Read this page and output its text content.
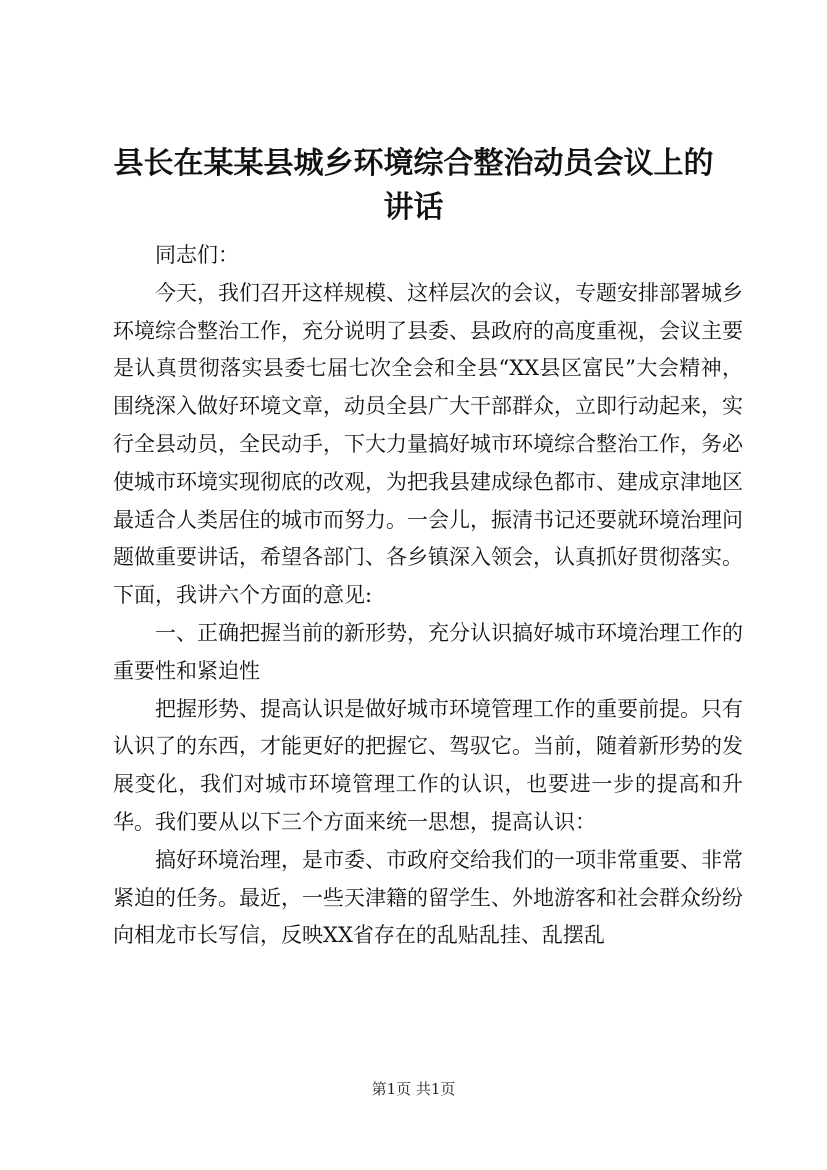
县长在某某县城乡环境综合整治动员会议上的
讲话

同志们：

今天，我们召开这样规模、这样层次的会议，专题安排部署城乡环境综合整治工作，充分说明了县委、县政府的高度重视，会议主要是认真贯彻落实县委七届七次全会和全县“XX县区富民”大会精神，围绕深入做好环境文章，动员全县广大干部群众，立即行动起来，实行全县动员，全民动手，下大力量搞好城市环境综合整治工作，务必使城市环境实现彻底的改观，为把我县建成绿色都市、建成京津地区最适合人类居住的城市而努力。一会儿，振清书记还要就环境治理问题做重要讲话，希望各部门、各乡镇深入领会，认真抓好贯彻落实。下面，我讲六个方面的意见:

一、正确把握当前的新形势，充分认识搞好城市环境治理工作的重要性和紧迫性

把握形势、提高认识是做好城市环境管理工作的重要前提。只有认识了的东西，才能更好的把握它、驾驭它。当前，随着新形势的发展变化，我们对城市环境管理工作的认识，也要进一步的提高和升华。我们要从以下三个方面来统一思想，提高认识：

搞好环境治理，是市委、市政府交给我们的一项非常重要、非常紧迫的任务。最近，一些天津籍的留学生、外地游客和社会群众纷纷向相龙市长写信，反映XX省存在的乱贴乱挂、乱摆乱

第1页 共1页
